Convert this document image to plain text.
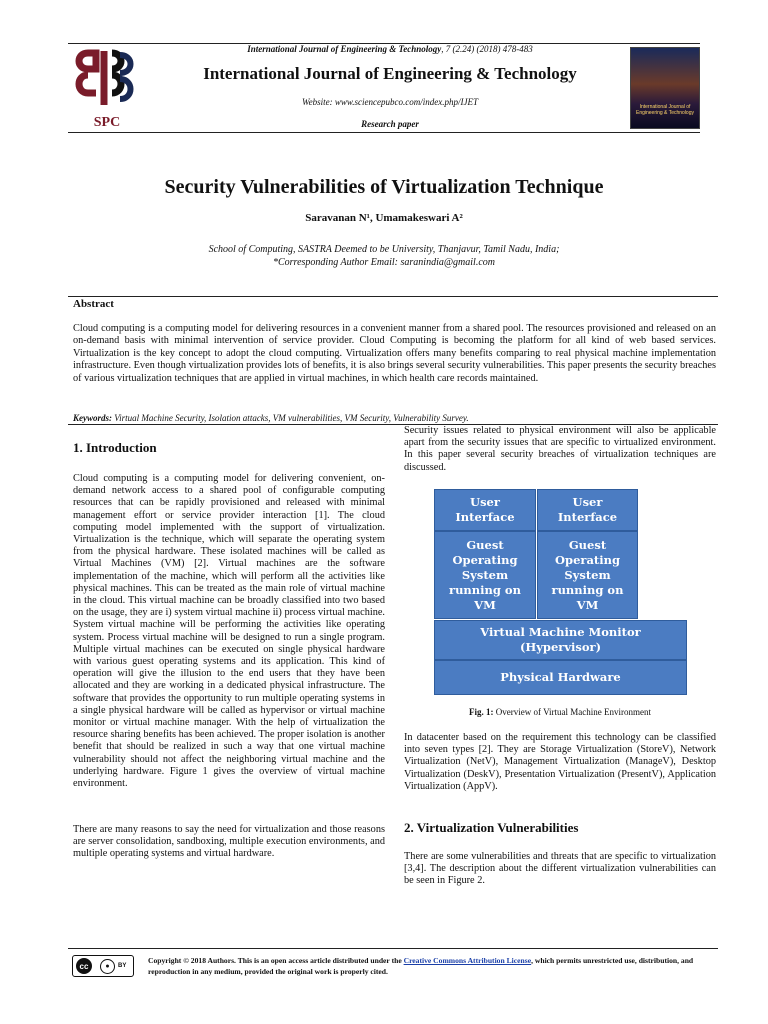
SPC
International Journal of Engineering & Technology, 7 (2.24) (2018) 478-483
International Journal of Engineering & Technology
Website: www.sciencepubco.com/index.php/IJET
Research paper
International Journal of Engineering & Technology
Security Vulnerabilities of Virtualization Technique
Saravanan N¹, Umamakeswari A²
School of Computing, SASTRA Deemed to be University, Thanjavur, Tamil Nadu, India;
*Corresponding Author Email: saranindia@gmail.com
Abstract
Cloud computing is a computing model for delivering resources in a convenient manner from a shared pool. The resources provisioned and released on an on-demand basis with minimal intervention of service provider. Cloud Computing is becoming the platform for all kind of web based services. Virtualization is the key concept to adopt the cloud computing. Virtualization offers many benefits comparing to real physical machine implementation infrastructure. Even though virtualization provides lots of benefits, it is also brings several security vulnerabilities. This paper presents the security breaches of various virtualization techniques that are applied in virtual machines, in which health care records maintained.
Keywords: Virtual Machine Security, Isolation attacks, VM vulnerabilities, VM Security, Vulnerability Survey.
1. Introduction
Cloud computing is a computing model for delivering convenient, on-demand network access to a shared pool of configurable computing resources that can be rapidly provisioned and released with minimal management effort or service provider interaction [1]. The cloud computing model implemented with the support of virtualization. Virtualization is the technique, which will separate the operating system from the physical hardware. These isolated machines will be called as Virtual Machines (VM) [2]. Virtual machines are the software implementation of the machine, which will perform all the activities like physical machines. This can be treated as the main role of virtual machine in the cloud. This virtual machine can be broadly classified into two based on the usage, they are i) system virtual machine ii) process virtual machine. System virtual machine will be performing the activities like operating system. Process virtual machine will be designed to run a single program. Multiple virtual machines can be executed on single physical hardware with various guest operating systems and its application. This kind of operation will give the illusion to the end users that they have been allocated and they are working in a dedicated physical infrastructure. The software that provides the opportunity to run multiple operating systems in a single physical hardware will be called as hypervisor or virtual machine monitor or virtual machine manager. With the help of virtualization the resource sharing benefits has been achieved. The proper isolation is another benefit that should be realized in such a way that one virtual machine vulnerability should not affect the neighboring virtual machine and the underlying hardware. Figure 1 gives the overview of virtual machine environment.
There are many reasons to say the need for virtualization and those reasons are server consolidation, sandboxing, multiple execution environments, and multiple operating systems and virtual hardware.
Security issues related to physical environment will also be applicable apart from the security issues that are specific to virtualized environment. In this paper several security breaches of virtualization techniques are discussed.
User Interface
User Interface
Guest Operating System running on VM
Guest Operating System running on VM
Virtual Machine Monitor (Hypervisor)
Physical Hardware
Fig. 1: Overview of Virtual Machine Environment
In datacenter based on the requirement this technology can be classified into seven types [2]. They are Storage Virtualization (StoreV), Network Virtualization (NetV), Management Virtualization (ManageV), Desktop Virtualization (DeskV), Presentation Virtualization (PresentV), Application Virtualization (AppV).
2. Virtualization Vulnerabilities
There are some vulnerabilities and threats that are specific to virtualization [3,4]. The description about the different virtualization vulnerabilities can be seen in Figure 2.
cc	●	BY
Copyright © 2018 Authors. This is an open access article distributed under the Creative Commons Attribution License, which permits unrestricted use, distribution, and reproduction in any medium, provided the original work is properly cited.
